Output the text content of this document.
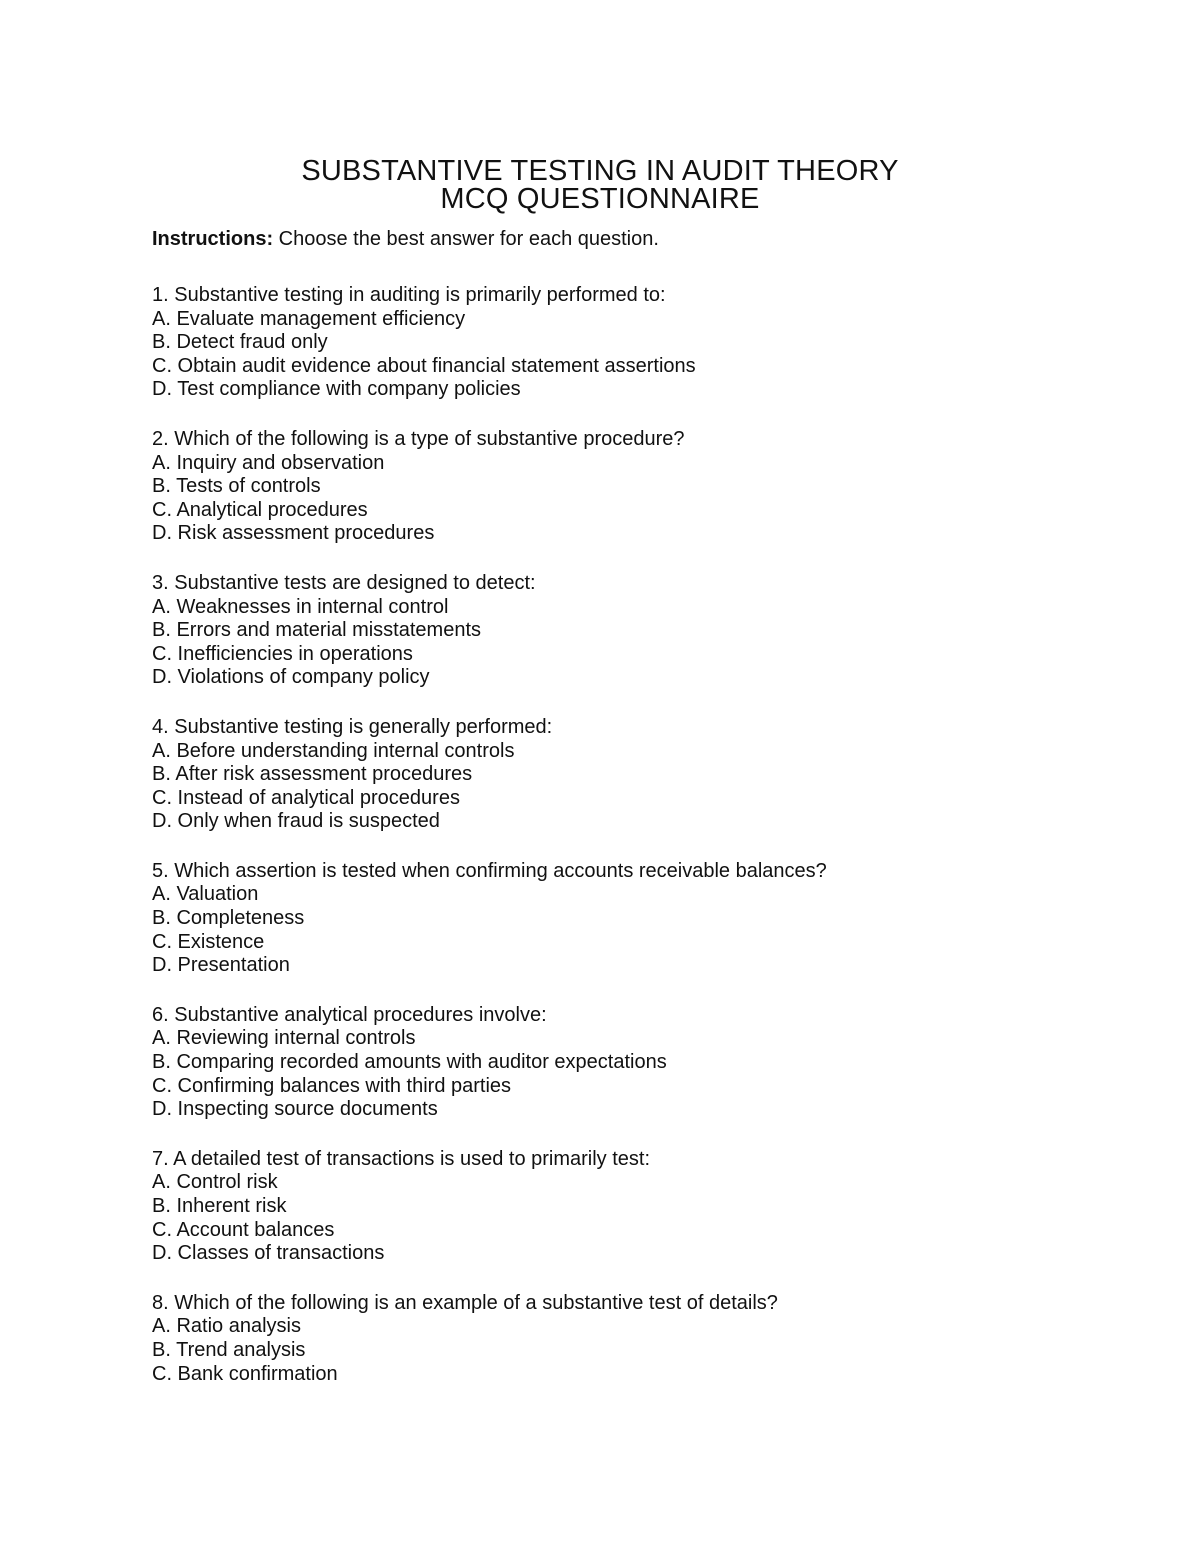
SUBSTANTIVE TESTING IN AUDIT THEORY
MCQ QUESTIONNAIRE
Instructions: Choose the best answer for each question.
1. Substantive testing in auditing is primarily performed to:
A. Evaluate management efficiency
B. Detect fraud only
C. Obtain audit evidence about financial statement assertions
D. Test compliance with company policies
2. Which of the following is a type of substantive procedure?
A. Inquiry and observation
B. Tests of controls
C. Analytical procedures
D. Risk assessment procedures
3. Substantive tests are designed to detect:
A. Weaknesses in internal control
B. Errors and material misstatements
C. Inefficiencies in operations
D. Violations of company policy
4. Substantive testing is generally performed:
A. Before understanding internal controls
B. After risk assessment procedures
C. Instead of analytical procedures
D. Only when fraud is suspected
5. Which assertion is tested when confirming accounts receivable balances?
A. Valuation
B. Completeness
C. Existence
D. Presentation
6. Substantive analytical procedures involve:
A. Reviewing internal controls
B. Comparing recorded amounts with auditor expectations
C. Confirming balances with third parties
D. Inspecting source documents
7. A detailed test of transactions is used to primarily test:
A. Control risk
B. Inherent risk
C. Account balances
D. Classes of transactions
8. Which of the following is an example of a substantive test of details?
A. Ratio analysis
B. Trend analysis
C. Bank confirmation
